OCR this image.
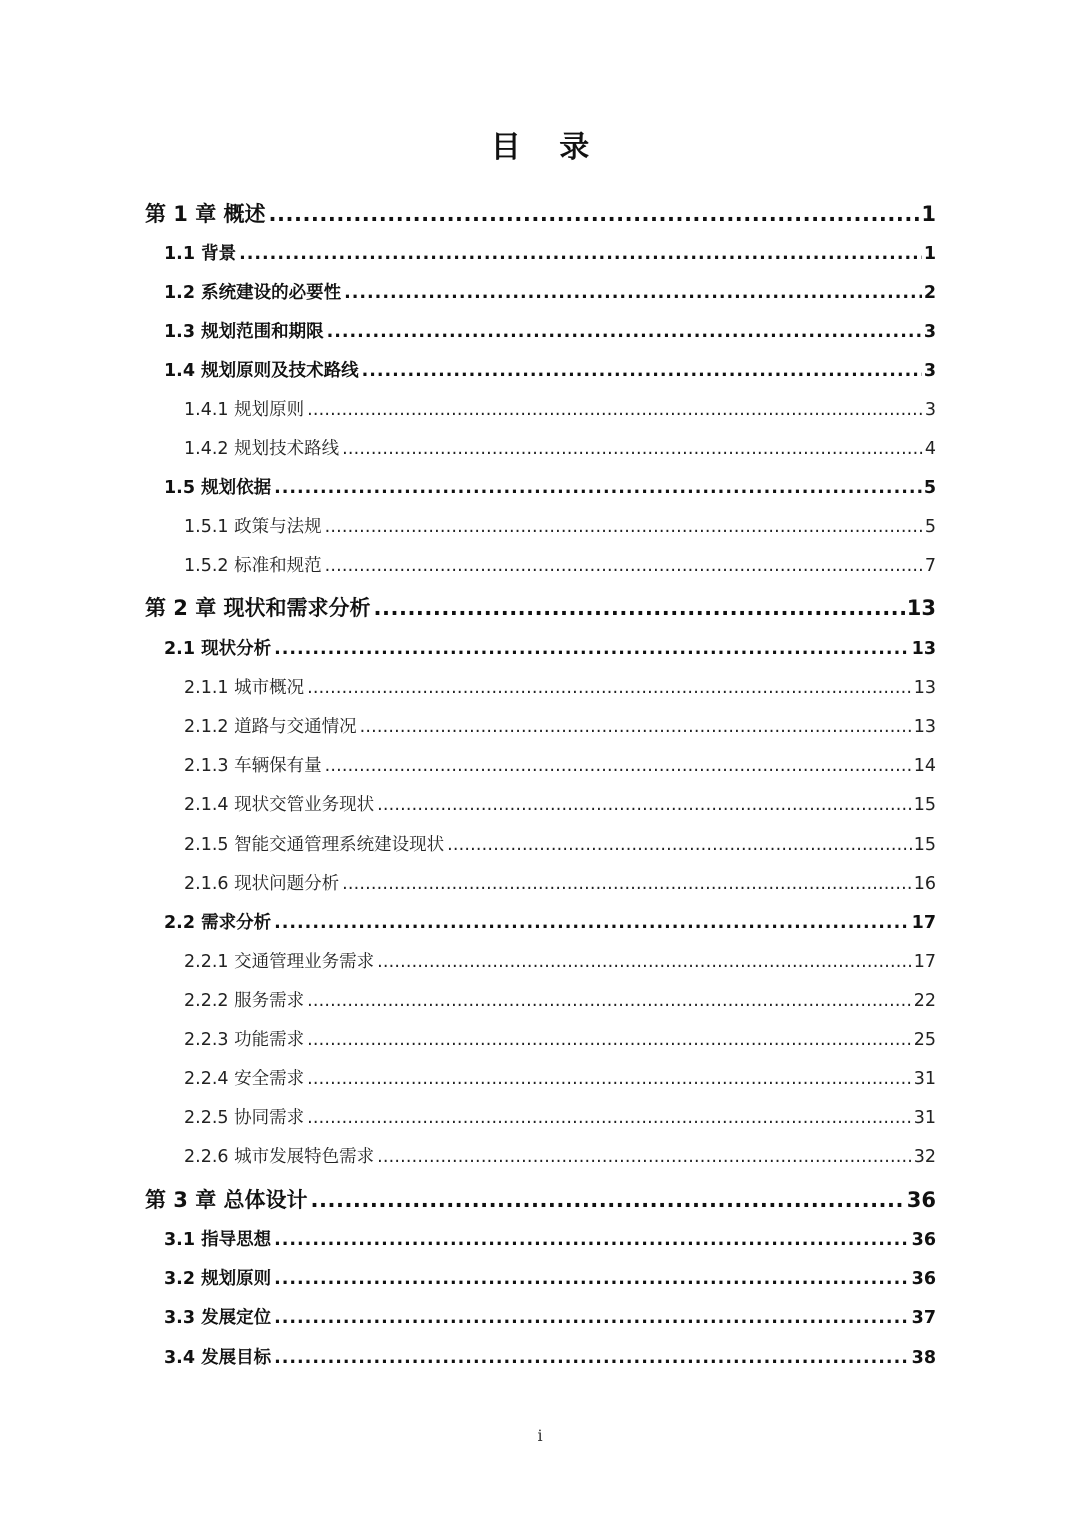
目 录
第 1 章 概述 .....	1
1.1 背景 .....	1
1.2 系统建设的必要性 .....	2
1.3 规划范围和期限 .....	3
1.4 规划原则及技术路线 .....	3
1.4.1 规划原则 .....	3
1.4.2 规划技术路线 .....	4
1.5 规划依据 .....	5
1.5.1 政策与法规 .....	5
1.5.2 标准和规范 .....	7
第 2 章 现状和需求分析 .....	13
2.1 现状分析 .....	13
2.1.1 城市概况 .....	13
2.1.2 道路与交通情况 .....	13
2.1.3 车辆保有量 .....	14
2.1.4 现状交管业务现状 .....	15
2.1.5 智能交通管理系统建设现状 .....	15
2.1.6 现状问题分析 .....	16
2.2 需求分析 .....	17
2.2.1 交通管理业务需求 .....	17
2.2.2 服务需求 .....	22
2.2.3 功能需求 .....	25
2.2.4 安全需求 .....	31
2.2.5 协同需求 .....	31
2.2.6 城市发展特色需求 .....	32
第 3 章 总体设计 .....	36
3.1 指导思想 .....	36
3.2 规划原则 .....	36
3.3 发展定位 .....	37
3.4 发展目标 .....	38
i
